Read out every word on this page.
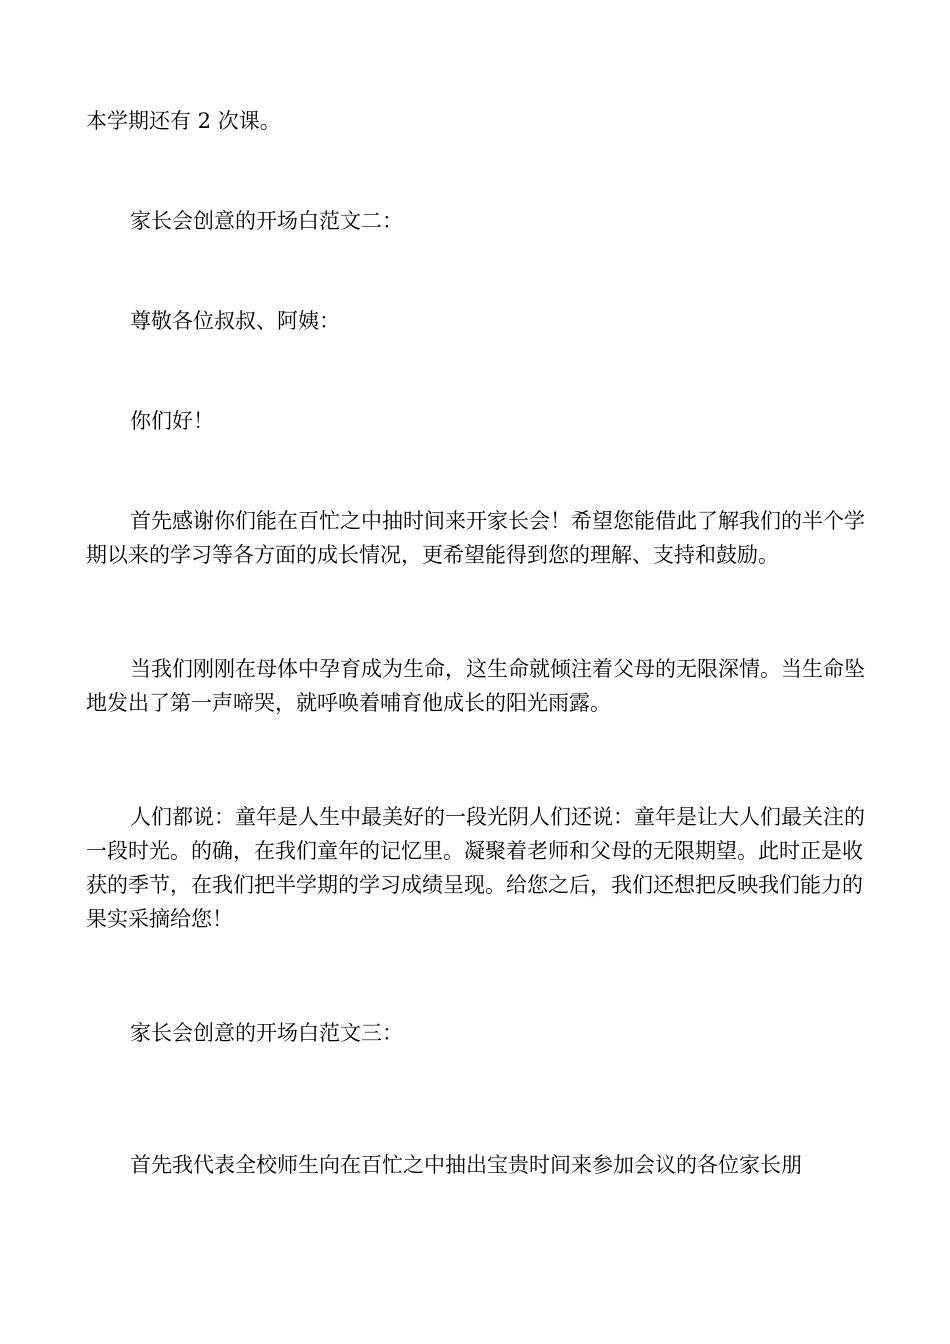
本学期还有 2 次课。

家长会创意的开场白范文二：

尊敬各位叔叔、阿姨：

你们好！

首先感谢你们能在百忙之中抽时间来开家长会！希望您能借此了解我们的半个学期以来的学习等各方面的成长情况，更希望能得到您的理解、支持和鼓励。

当我们刚刚在母体中孕育成为生命，这生命就倾注着父母的无限深情。当生命坠地发出了第一声啼哭，就呼唤着哺育他成长的阳光雨露。

人们都说：童年是人生中最美好的一段光阴人们还说：童年是让大人们最关注的一段时光。的确，在我们童年的记忆里。凝聚着老师和父母的无限期望。此时正是收获的季节，在我们把半学期的学习成绩呈现。给您之后，我们还想把反映我们能力的果实采摘给您！

家长会创意的开场白范文三：

首先我代表全校师生向在百忙之中抽出宝贵时间来参加会议的各位家长朋
